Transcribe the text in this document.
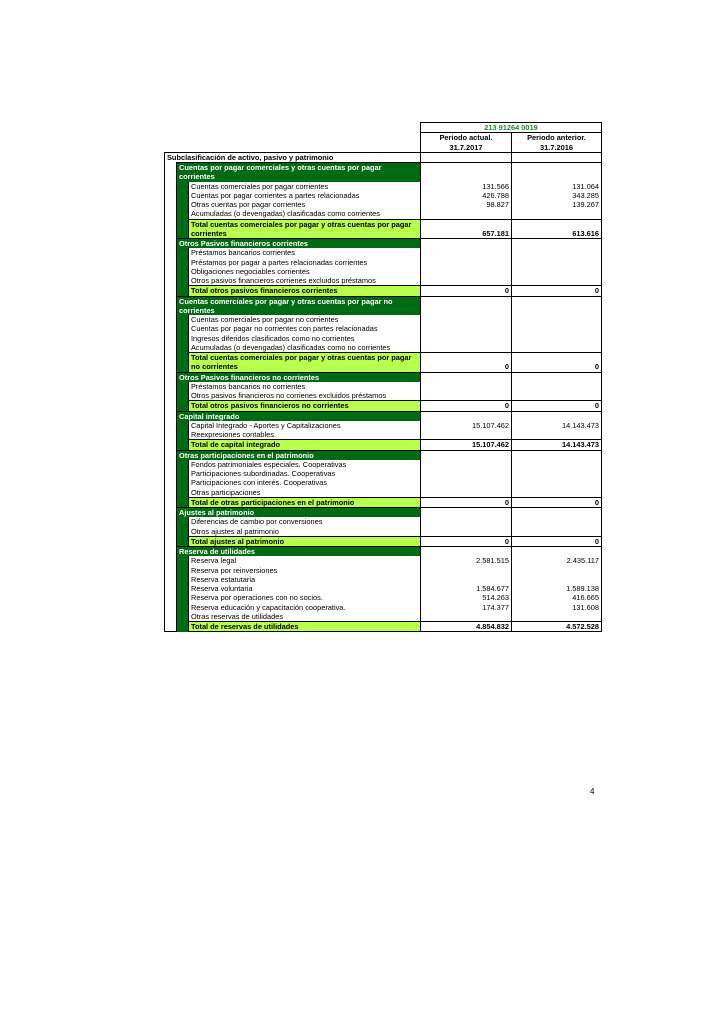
			213 91264 0019	
			Periodo actual.	Periodo anterior.
			31.7.2017	31.7.2016
Subclasificación de activo, pasivo y patrimonio				
	Cuentas por pagar comerciales y otras cuentas por pagar corrientes			
		Cuentas comerciales por pagar corrientes	131.566	131.064
		Cuentas por pagar corrientes a partes relacionadas	426.788	343.285
		Otras cuentas por pagar corrientes	98.827	139.267
		Acumuladas (o devengadas) clasificadas como corrientes		
		Total cuentas comerciales por pagar y otras cuentas por pagar corrientes	657.181	613.616
	Otros Pasivos financieros corrientes			
		Préstamos bancarios corrientes		
		Préstamos por pagar a partes relacionadas corrientes		
		Obligaciones negociables corrientes		
		Otros pasivos financieros corrienes excluidos préstamos		
		Total otros pasivos financieros corrientes	0	0
	Cuentas comerciales por pagar y otras cuentas por pagar no corrientes			
		Cuentas comerciales por pagar no corrientes		
		Cuentas por pagar no corrientes con partes relacionadas		
		Ingresos diferidos clasificados como no corrientes		
		Acumuladas (o devengadas) clasificadas como no corrientes		
		Total cuentas comerciales por pagar y otras cuentas por pagar no corrientes	0	0
	Otros Pasivos financieros no corrientes			
		Préstamos bancarios no corrientes		
		Otros pasivos financieros no corrienes excluidos préstamos		
		Total otros pasivos financieros no corrientes	0	0
	Capital integrado			
		Capital Integrado - Aportes y Capitalizaciones	15.107.462	14.143.473
		Reexpresiones contables.		
		Total de capital integrado	15.107.462	14.143.473
	Otras participaciones en el patrimonio			
		Fondos patrimoniales especiales. Cooperativas		
		Participaciones subordinadas. Cooperativas		
		Participaciones con interés. Cooperativas		
		Otras participaciones		
		Total de otras participaciones en el patrimonio	0	0
	Ajustes al patrimonio			
		Diferencias de cambio por conversiones		
		Otros ajustes al patrimonio		
		Total ajustes al patrimonio	0	0
	Reserva de utilidades			
		Reserva legal	2.581.515	2.435.117
		Reserva por reinversiones		
		Reserva estatutaria		
		Reserva voluntaria	1.584.677	1.589.138
		Reserva por operaciones con no socios.	514.263	416.665
		Reserva educación y capacitación cooperativa.	174.377	131.608
		Otras reservas de utilidades		
		Total de reservas de utilidades	4.854.832	4.572.528
4
